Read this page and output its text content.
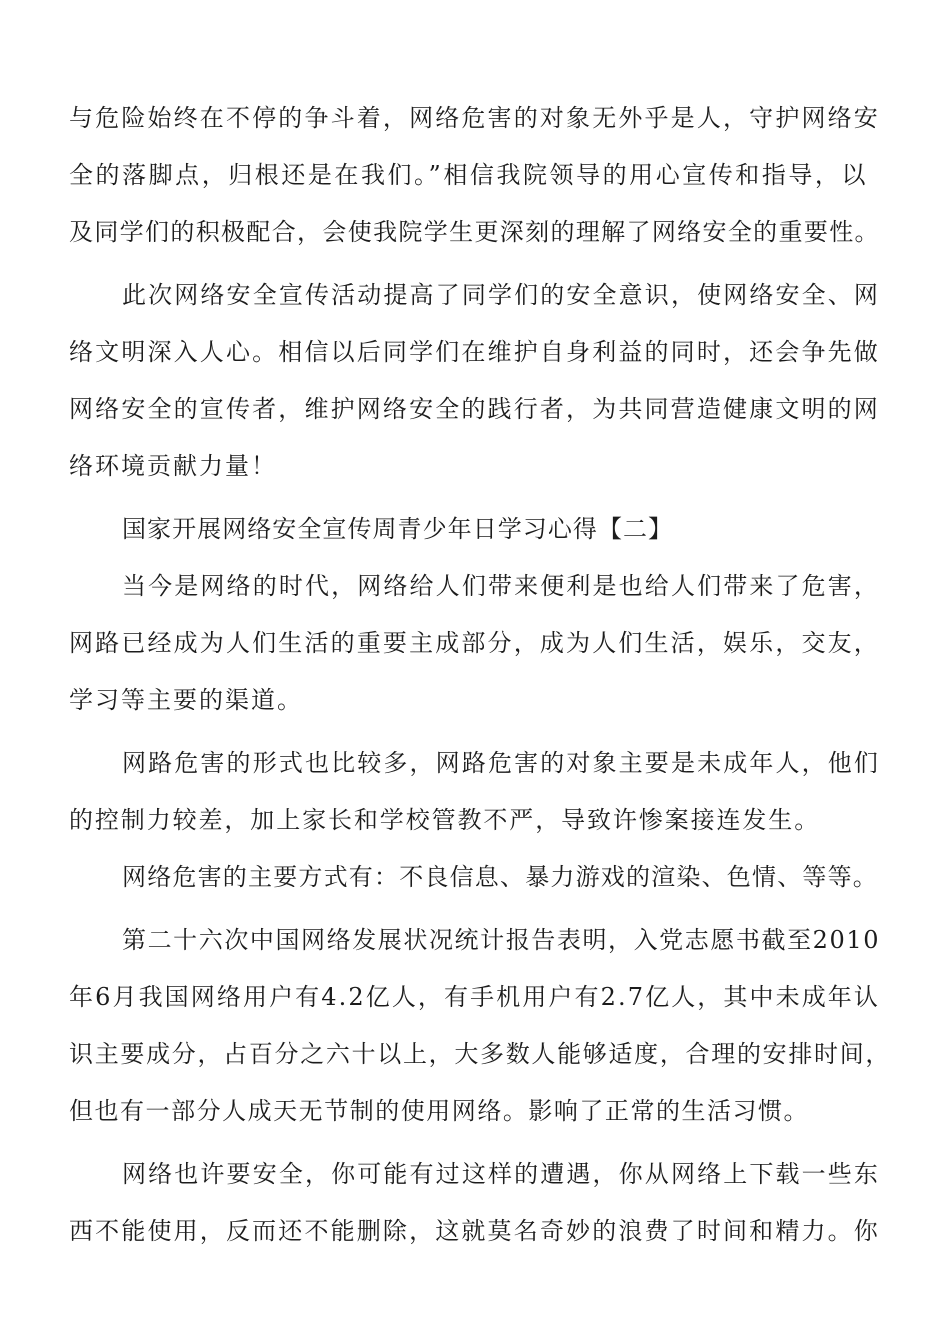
与危险始终在不停的争斗着，网络危害的对象无外乎是人，守护网络安
全的落脚点，归根还是在我们。”相信我院领导的用心宣传和指导，以
及同学们的积极配合，会使我院学生更深刻的理解了网络安全的重要性。
此次网络安全宣传活动提高了同学们的安全意识，使网络安全、网
络文明深入人心。相信以后同学们在维护自身利益的同时，还会争先做
网络安全的宣传者，维护网络安全的践行者，为共同营造健康文明的网
络环境贡献力量！
国家开展网络安全宣传周青少年日学习心得【二】
当今是网络的时代，网络给人们带来便利是也给人们带来了危害，
网路已经成为人们生活的重要主成部分，成为人们生活，娱乐，交友，
学习等主要的渠道。
网路危害的形式也比较多，网路危害的对象主要是未成年人，他们
的控制力较差，加上家长和学校管教不严，导致许惨案接连发生。
网络危害的主要方式有：不良信息、暴力游戏的渲染、色情、等等。
第二十六次中国网络发展状况统计报告表明，入党志愿书截至2010
年6月我国网络用户有4.2亿人，有手机用户有2.7亿人，其中未成年认
识主要成分，占百分之六十以上，大多数人能够适度，合理的安排时间，
但也有一部分人成天无节制的使用网络。影响了正常的生活习惯。
网络也许要安全，你可能有过这样的遭遇，你从网络上下载一些东
西不能使用，反而还不能删除，这就莫名奇妙的浪费了时间和精力。你
